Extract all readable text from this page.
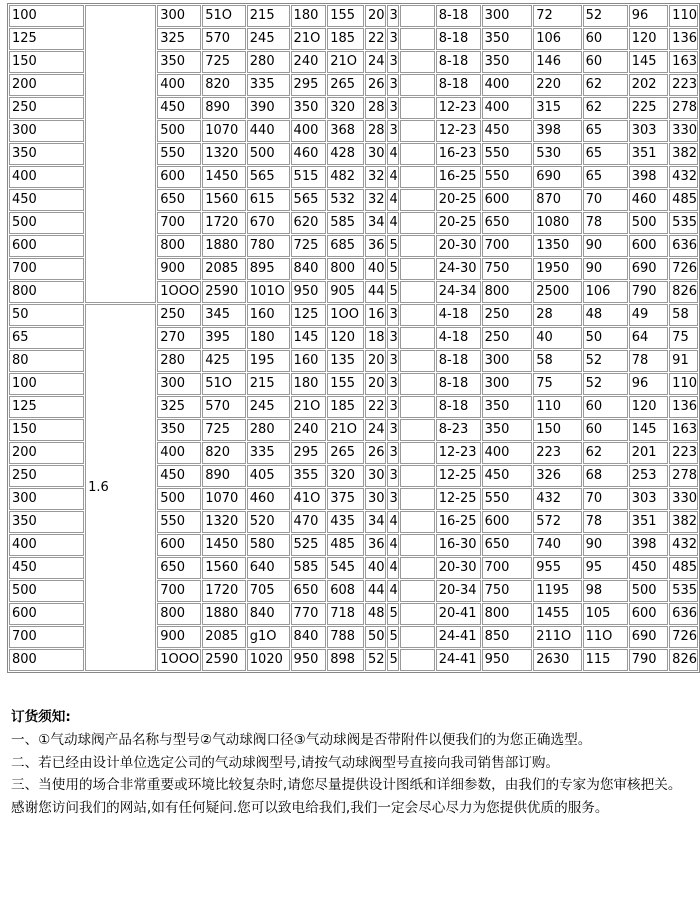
100		300	51O	215	180	155	20	3		8-18	300	72	52	96	110
125		325	570	245	21O	185	22	3		8-18	350	106	60	120	136
150		350	725	280	240	21O	24	3		8-18	350	146	60	145	163
200		400	820	335	295	265	26	3		8-18	400	220	62	202	223
250		450	890	390	350	320	28	3		12-23	400	315	62	225	278
300		500	1070	440	400	368	28	3		12-23	450	398	65	303	330
350		550	1320	500	460	428	30	4		16-23	550	530	65	351	382
400		600	1450	565	515	482	32	4		16-25	550	690	65	398	432
450		650	1560	615	565	532	32	4		20-25	600	870	70	460	485
500		700	1720	670	620	585	34	4		20-25	650	1080	78	500	535
600		800	1880	780	725	685	36	5		20-30	700	1350	90	600	636
700		900	2085	895	840	800	40	5		24-30	750	1950	90	690	726
800		1OOO	2590	101O	950	905	44	5		24-34	800	2500	106	790	826
50	1.6	250	345	160	125	1OO	16	3		4-18	250	28	48	49	58
65		270	395	180	145	120	18	3		4-18	250	40	50	64	75
80		280	425	195	160	135	20	3		8-18	300	58	52	78	91
100		300	51O	215	180	155	20	3		8-18	300	75	52	96	110
125		325	570	245	21O	185	22	3		8-18	350	110	60	120	136
150		350	725	280	240	21O	24	3		8-23	350	150	60	145	163
200		400	820	335	295	265	26	3		12-23	400	223	62	201	223
250		450	890	405	355	320	30	3		12-25	450	326	68	253	278
300		500	1070	460	41O	375	30	3		12-25	550	432	70	303	330
350		550	1320	520	470	435	34	4		16-25	600	572	78	351	382
400		600	1450	580	525	485	36	4		16-30	650	740	90	398	432
450		650	1560	640	585	545	40	4		20-30	700	955	95	450	485
500		700	1720	705	650	608	44	4		20-34	750	1195	98	500	535
600		800	1880	840	770	718	48	5		20-41	800	1455	105	600	636
700		900	2085	g1O	840	788	50	5		24-41	850	211O	11O	690	726
800		1OOO	2590	1020	950	898	52	5		24-41	950	2630	115	790	826

订货须知:

一、①气动球阀产品名称与型号②气动球阀口径③气动球阀是否带附件以便我们的为您正确选型。

二、若已经由设计单位选定公司的气动球阀型号,请按气动球阀型号直接向我司销售部订购。

三、当使用的场合非常重要或环境比较复杂时,请您尽量提供设计图纸和详细参数，由我们的专家为您审核把关。

感谢您访问我们的网站,如有任何疑问.您可以致电给我们,我们一定会尽心尽力为您提供优质的服务。
